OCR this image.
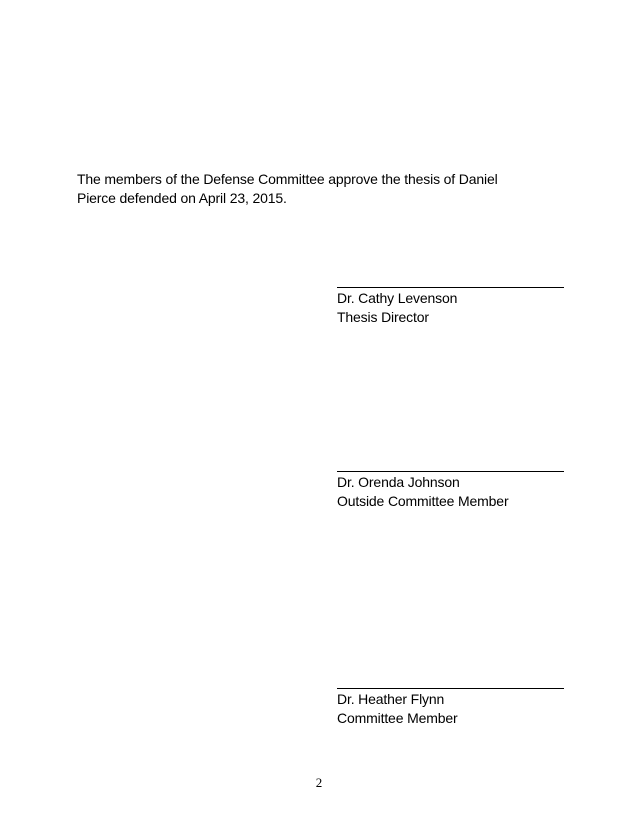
The members of the Defense Committee approve the thesis of Daniel
Pierce defended on April 23, 2015.

Dr. Cathy Levenson
Thesis Director
Dr. Orenda Johnson
Outside Committee Member
Dr. Heather Flynn
Committee Member
2
